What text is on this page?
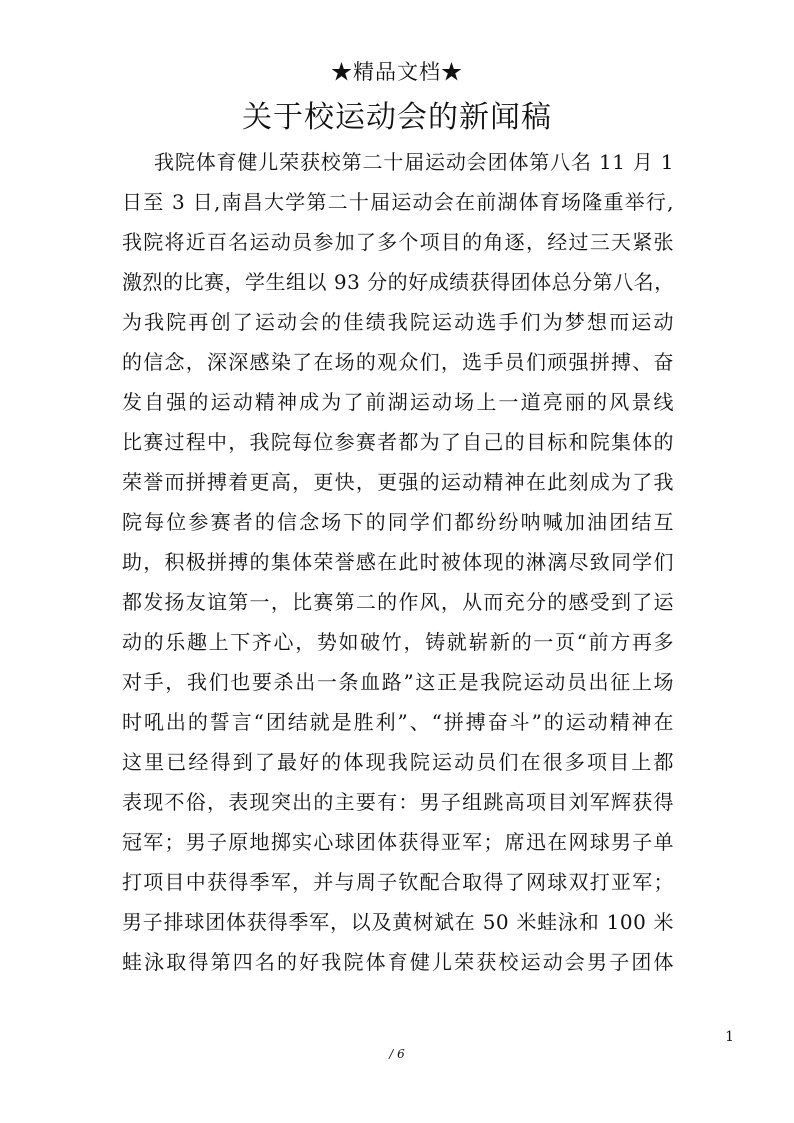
★精品文档★
关于校运动会的新闻稿
我院体育健儿荣获校第二十届运动会团体第八名 11 月 1
日至 3 日,南昌大学第二十届运动会在前湖体育场隆重举行,
我院将近百名运动员参加了多个项目的角逐，经过三天紧张
激烈的比赛，学生组以 93 分的好成绩获得团体总分第八名，
为我院再创了运动会的佳绩我院运动选手们为梦想而运动
的信念，深深感染了在场的观众们，选手员们顽强拼搏、奋
发自强的运动精神成为了前湖运动场上一道亮丽的风景线
比赛过程中，我院每位参赛者都为了自己的目标和院集体的
荣誉而拼搏着更高，更快，更强的运动精神在此刻成为了我
院每位参赛者的信念场下的同学们都纷纷呐喊加油团结互
助，积极拼搏的集体荣誉感在此时被体现的淋漓尽致同学们
都发扬友谊第一，比赛第二的作风，从而充分的感受到了运
动的乐趣上下齐心，势如破竹，铸就崭新的一页“前方再多
对手，我们也要杀出一条血路”这正是我院运动员出征上场
时吼出的誓言“团结就是胜利”、“拼搏奋斗”的运动精神在
这里已经得到了最好的体现我院运动员们在很多项目上都
表现不俗，表现突出的主要有：男子组跳高项目刘军辉获得
冠军；男子原地掷实心球团体获得亚军；席迅在网球男子单
打项目中获得季军，并与周子钦配合取得了网球双打亚军；
男子排球团体获得季军，以及黄树斌在 50 米蛙泳和 100 米
蛙泳取得第四名的好我院体育健儿荣获校运动会男子团体
1
/ 6
